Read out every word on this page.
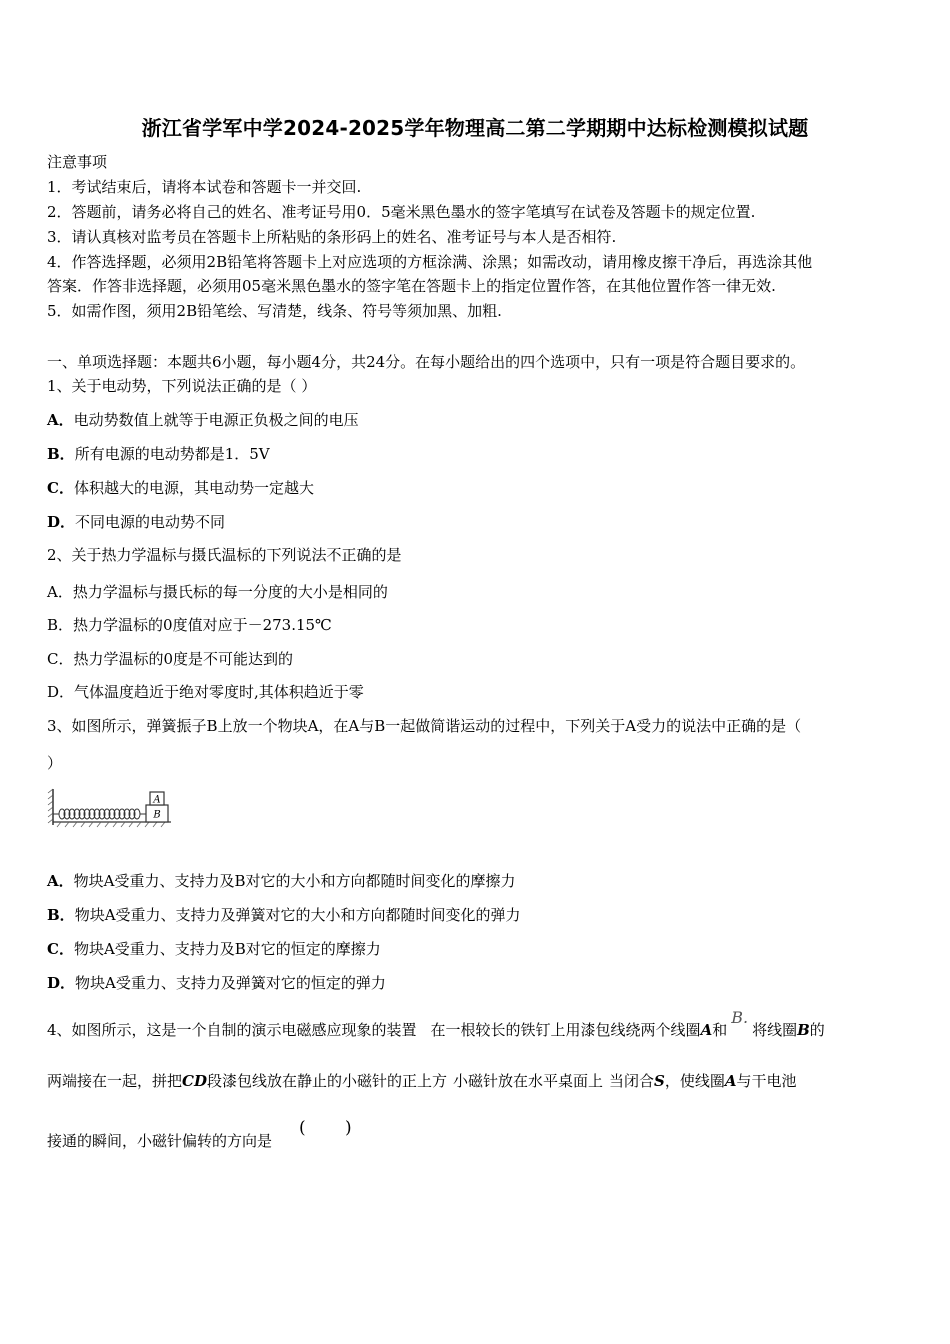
浙江省学军中学2024-2025学年物理高二第二学期期中达标检测模拟试题
注意事项
1．考试结束后，请将本试卷和答题卡一并交回.
2．答题前，请务必将自己的姓名、准考证号用0．5毫米黑色墨水的签字笔填写在试卷及答题卡的规定位置.
3．请认真核对监考员在答题卡上所粘贴的条形码上的姓名、准考证号与本人是否相符.
4．作答选择题，必须用2B铅笔将答题卡上对应选项的方框涂满、涂黑；如需改动，请用橡皮擦干净后，再选涂其他
答案．作答非选择题，必须用05毫米黑色墨水的签字笔在答题卡上的指定位置作答，在其他位置作答一律无效.
5．如需作图，须用2B铅笔绘、写清楚，线条、符号等须加黑、加粗.
一、单项选择题：本题共6小题，每小题4分，共24分。在每小题给出的四个选项中，只有一项是符合题目要求的。
1、关于电动势，下列说法正确的是（ ）
A．电动势数值上就等于电源正负极之间的电压
B．所有电源的电动势都是1．5V
C．体积越大的电源，其电动势一定越大
D．不同电源的电动势不同
2、关于热力学温标与摄氏温标的下列说法不正确的是
A．热力学温标与摄氏标的每一分度的大小是相同的
B．热力学温标的0度值对应于－273.15℃
C．热力学温标的0度是不可能达到的
D．气体温度趋近于绝对零度时,其体积趋近于零
3、如图所示，弹簧振子B上放一个物块A，在A与B一起做简谐运动的过程中，下列关于A受力的说法中正确的是（
）
A
B
A．物块A受重力、支持力及B对它的大小和方向都随时间变化的摩擦力
B．物块A受重力、支持力及弹簧对它的大小和方向都随时间变化的弹力
C．物块A受重力、支持力及B对它的恒定的摩擦力
D．物块A受重力、支持力及弹簧对它的恒定的弹力
4、如图所示，这是一个自制的演示电磁感应现象的装置 在一根较长的铁钉上用漆包线绕两个线圈A和B.将线圈B的
两端接在一起，拼把CD段漆包线放在静止的小磁针的正上方 小磁针放在水平桌面上 当闭合S，使线圈A与干电池
接通的瞬间，小磁针偏转的方向是
( )
